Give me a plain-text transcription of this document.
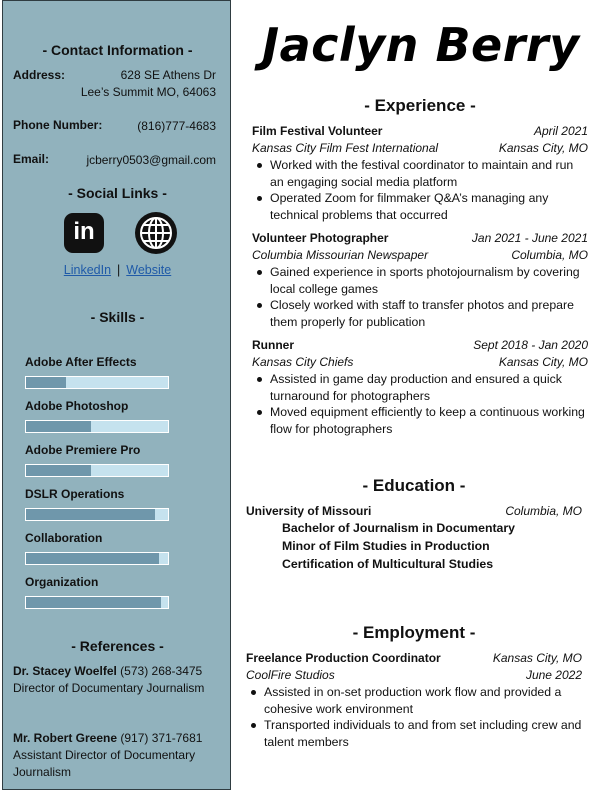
- Contact Information -
Address:	628 SE Athens Dr
Lee’s Summit MO, 64063
Phone Number:	(816)777-4683
Email:	jcberry0503@gmail.com
- Social Links -
in
LinkedIn | Website
- Skills -
Adobe After Effects
Adobe Photoshop
Adobe Premiere Pro
DSLR Operations
Collaboration
Organization
- References -
Dr. Stacey Woelfel (573) 268-3475
Director of Documentary Journalism
Mr. Robert Greene (917) 371-7681
Assistant Director of Documentary Journalism
Jaclyn Berry
- Experience -
Film Festival Volunteer	April 2021
Kansas City Film Fest International	Kansas City, MO
Worked with the festival coordinator to maintain and run an engaging social media platform
Operated Zoom for filmmaker Q&A’s managing any technical problems that occurred
Volunteer Photographer	Jan 2021 - June 2021
Columbia Missourian Newspaper	Columbia, MO
Gained experience in sports photojournalism by covering local college games
Closely worked with staff to transfer photos and prepare them properly for publication
Runner	Sept 2018 - Jan 2020
Kansas City Chiefs	Kansas City, MO
Assisted in game day production and ensured a quick turnaround for photographers
Moved equipment efficiently to keep a continuous working flow for photographers
- Education -
University of Missouri	Columbia, MO
Bachelor of Journalism in Documentary
Minor of Film Studies in Production
Certification of Multicultural Studies
- Employment -
Freelance Production Coordinator	Kansas City, MO
CoolFire Studios	June 2022
Assisted in on-set production work flow and provided a cohesive work environment
Transported individuals to and from set including crew and talent members
